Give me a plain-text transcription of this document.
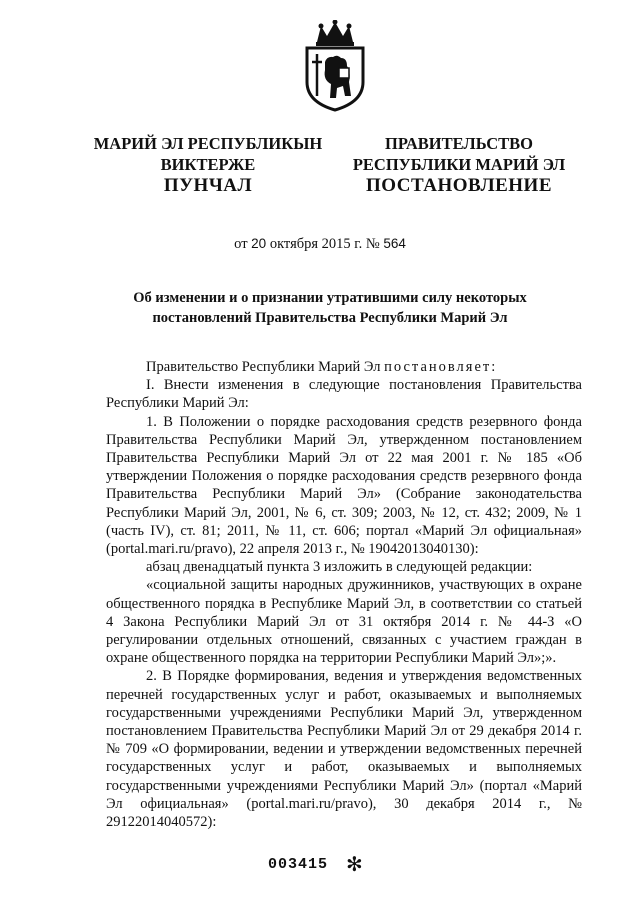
МАРИЙ ЭЛ РЕСПУБЛИКЫН
ВИКТЕРЖЕ
ПРАВИТЕЛЬСТВО
РЕСПУБЛИКИ МАРИЙ ЭЛ
ПУНЧАЛ	ПОСТАНОВЛЕНИЕ
от 20 октября 2015 г. № 564
Об изменении и о признании утратившими силу некоторых
постановлений Правительства Республики Марий Эл

Правительство Республики Марий Эл постановляет:

I. Внести изменения в следующие постановления Правительства Республики Марий Эл:

1. В Положении о порядке расходования средств резервного фонда Правительства Республики Марий Эл, утвержденном постановлением Правительства Республики Марий Эл от 22 мая 2001 г. № 185 «Об утверждении Положения о порядке расходования средств резервного фонда Правительства Республики Марий Эл» (Собрание законодательства Республики Марий Эл, 2001, № 6, ст. 309; 2003, № 12, ст. 432; 2009, № 1 (часть IV), ст. 81; 2011, № 11, ст. 606; портал «Марий Эл официальная» (portal.mari.ru/pravo), 22 апреля 2013 г., № 19042013040130):

абзац двенадцатый пункта 3 изложить в следующей редакции:

«социальной защиты народных дружинников, участвующих в охране общественного порядка в Республике Марий Эл, в соответствии со статьей 4 Закона Республики Марий Эл от 31 октября 2014 г. № 44-З «О регулировании отдельных отношений, связанных с участием граждан в охране общественного порядка на территории Республики Марий Эл»;».

2. В Порядке формирования, ведения и утверждения ведомственных перечней государственных услуг и работ, оказываемых и выполняемых государственными учреждениями Республики Марий Эл, утвержденном постановлением Правительства Республики Марий Эл от 29 декабря 2014 г. № 709 «О формировании, ведении и утверждении ведомственных перечней государственных услуг и работ, оказываемых и выполняемых государственными учреждениями Республики Марий Эл» (портал «Марий Эл официальная» (portal.mari.ru/pravo), 30 декабря 2014 г., № 29122014040572):

003415 ✻
